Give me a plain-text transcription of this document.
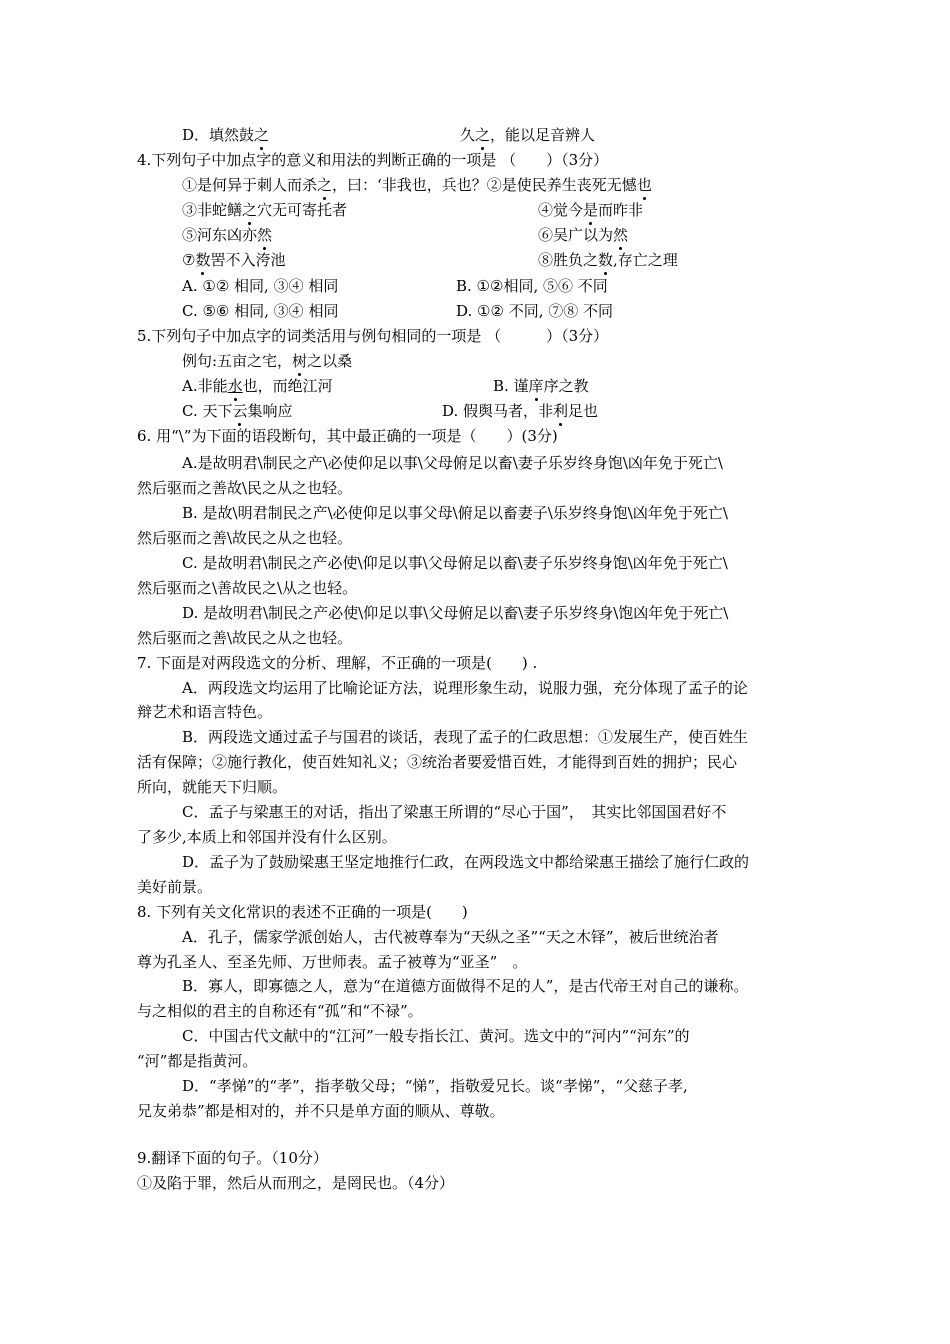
D．填然鼓之	久之，能以足音辨人
4.下列句子中加点字的意义和用法的判断正确的一项是 （　　）（3分）
①是何异于刺人而杀之，曰：‘非我也，兵也？②是使民养生丧死无憾也
③非蛇鳝之穴无可寄托者	④觉今是而昨非
⑤河东凶亦然	⑥吴广以为然
⑦数罟不入洿池	⑧胜负之数,存亡之理
A. ①② 相同, ③④ 相同	B. ①②相同, ⑤⑥ 不同
C. ⑤⑥ 相同, ③④ 相同	D. ①② 不同, ⑦⑧ 不同
5.下列句子中加点字的词类活用与例句相同的一项是 （　　　）（3分）
例句:五亩之宅，树之以桑
A.非能水也，而绝江河	B. 谨庠序之教
C. 天下云集响应	D. 假舆马者，非利足也
6. 用“\”为下面的语段断句，其中最正确的一项是（　　）(3分)
A.是故明君\制民之产\必使仰足以事\父母俯足以畜\妻子乐岁终身饱\凶年免于死亡\
然后驱而之善故\民之从之也轻。
B. 是故\明君制民之产\必使仰足以事父母\俯足以畜妻子\乐岁终身饱\凶年免于死亡\
然后驱而之善\故民之从之也轻。
C. 是故明君\制民之产必使\仰足以事\父母俯足以畜\妻子乐岁终身饱\凶年免于死亡\
然后驱而之\善故民之\从之也轻。
D. 是故明君\制民之产必使\仰足以事\父母俯足以畜\妻子乐岁终身\饱凶年免于死亡\
然后驱而之善\故民之从之也轻。
7. 下面是对两段选文的分析、理解，不正确的一项是(　　) .
A．两段选文均运用了比喻论证方法，说理形象生动，说服力强，充分体现了孟子的论
辩艺术和语言特色。
B．两段选文通过孟子与国君的谈话，表现了孟子的仁政思想：①发展生产，使百姓生
活有保障；②施行教化，使百姓知礼义；③统治者要爱惜百姓，才能得到百姓的拥护；民心
所向，就能天下归顺。
C．孟子与梁惠王的对话，指出了梁惠王所谓的“尽心于国”，　其实比邻国国君好不
了多少,本质上和邻国并没有什么区别。
D．孟子为了鼓励梁惠王坚定地推行仁政，在两段选文中都给梁惠王描绘了施行仁政的
美好前景。
8. 下列有关文化常识的表述不正确的一项是(　　)
A．孔子，儒家学派创始人，古代被尊奉为“天纵之圣”“天之木铎”，被后世统治者
尊为孔圣人、至圣先师、万世师表。孟子被尊为“亚圣”　。
B．寡人，即寡德之人，意为“在道德方面做得不足的人”，是古代帝王对自己的谦称。
与之相似的君主的自称还有“孤”和“不禄”。
C．中国古代文献中的“江河”一般专指长江、黄河。选文中的“河内”“河东”的
“河”都是指黄河。
D．“孝悌”的“孝”，指孝敬父母；“悌”，指敬爱兄长。谈“孝悌”，“父慈子孝,
兄友弟恭”都是相对的，并不只是单方面的顺从、尊敬。
9.翻译下面的句子。（10分）
①及陷于罪，然后从而刑之，是罔民也。（4分）
